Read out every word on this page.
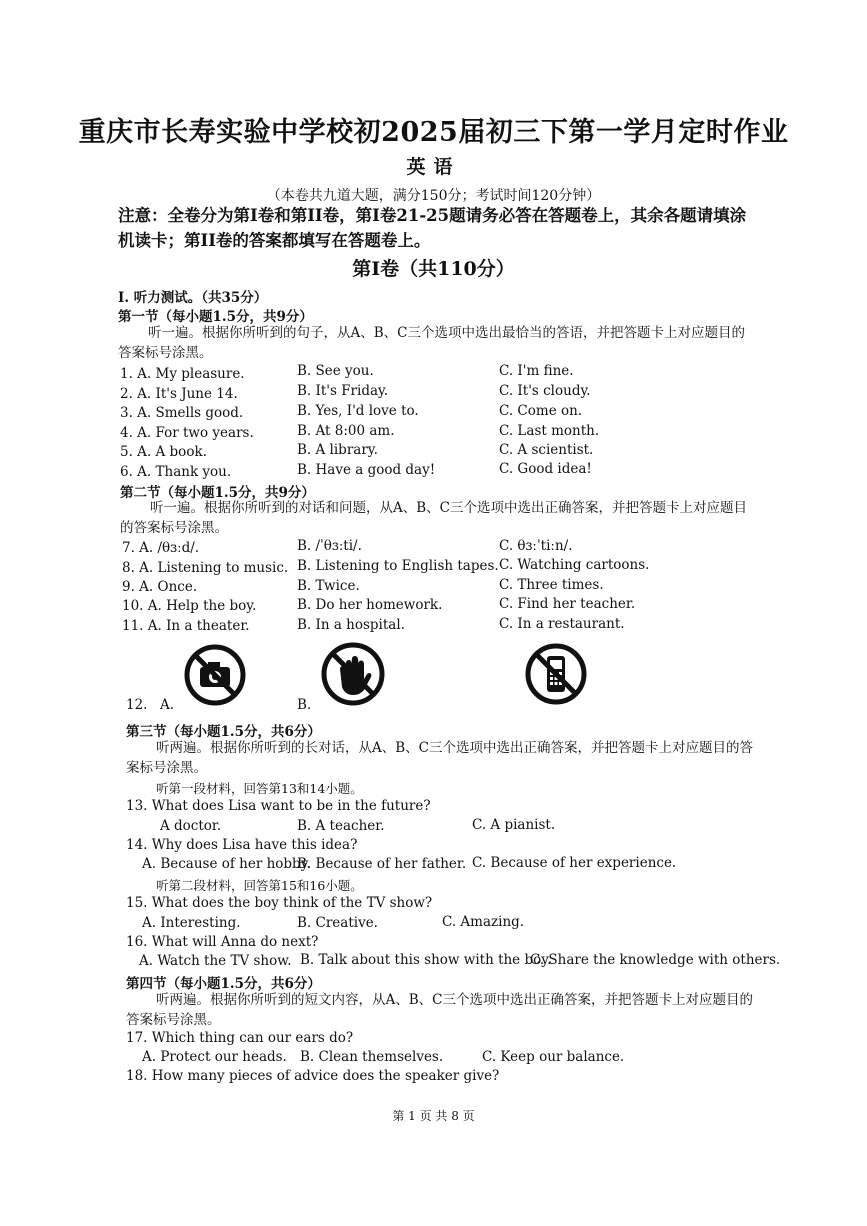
重庆市长寿实验中学校初2025届初三下第一学月定时作业
英语
（本卷共九道大题，满分150分；考试时间120分钟）
注意：全卷分为第I卷和第II卷，第I卷21-25题请务必答在答题卷上，其余各题请填涂机读卡；第II卷的答案都填写在答题卷上。
第I卷（共110分）
I. 听力测试。（共35分）
第一节（每小题1.5分，共9分）
听一遍。根据你所听到的句子，从A、B、C三个选项中选出最恰当的答语，并把答题卡上对应题目的答案标号涂黑。
1. A. My pleasure.	B. See you.	C. I'm fine.
2. A. It's June 14.	B. It's Friday.	C. It's cloudy.
3. A. Smells good.	B. Yes, I'd love to.	C. Come on.
4. A. For two years.	B. At 8:00 am.	C. Last month.
5. A. A book.	B. A library.	C. A scientist.
6. A. Thank you.	B. Have a good day!	C. Good idea!
第二节（每小题1.5分，共9分）
听一遍。根据你所听到的对话和问题，从A、B、C三个选项中选出正确答案，并把答题卡上对应题目的答案标号涂黑。
7. A. /θɜːd/.	B. /ˈθɜːti/.	C. θɜːˈtiːn/.
8. A. Listening to music. B. Listening to English tapes. C. Watching cartoons.
9. A. Once.	B. Twice.	C. Three times.
10. A. Help the boy.	B. Do her homework.	C. Find her teacher.
11. A. In a theater.	B. In a hospital.	C. In a restaurant.
12. A.	B.
第三节（每小题1.5分，共6分）
听两遍。根据你所听到的长对话，从A、B、C三个选项中选出正确答案，并把答题卡上对应题目的答案标号涂黑。
听第一段材料，回答第13和14小题。
13. What does Lisa want to be in the future?
A doctor.	B. A teacher.	C. A pianist.
14. Why does Lisa have this idea?
A. Because of her hobby.
B. Because of her father. C. Because of her experience.
听第二段材料，回答第15和16小题。
15. What does the boy think of the TV show?
A. Interesting.	B. Creative.	C. Amazing.
16. What will Anna do next?
A. Watch the TV show. B. Talk about this show with the boy.
C. Share the knowledge with others.
第四节（每小题1.5分，共6分）
听两遍。根据你所听到的短文内容，从A、B、C三个选项中选出正确答案，并把答题卡上对应题目的答案标号涂黑。
17. Which thing can our ears do?
A. Protect our heads. B. Clean themselves.	C. Keep our balance.
18. How many pieces of advice does the speaker give?
第 1 页 共 8 页
